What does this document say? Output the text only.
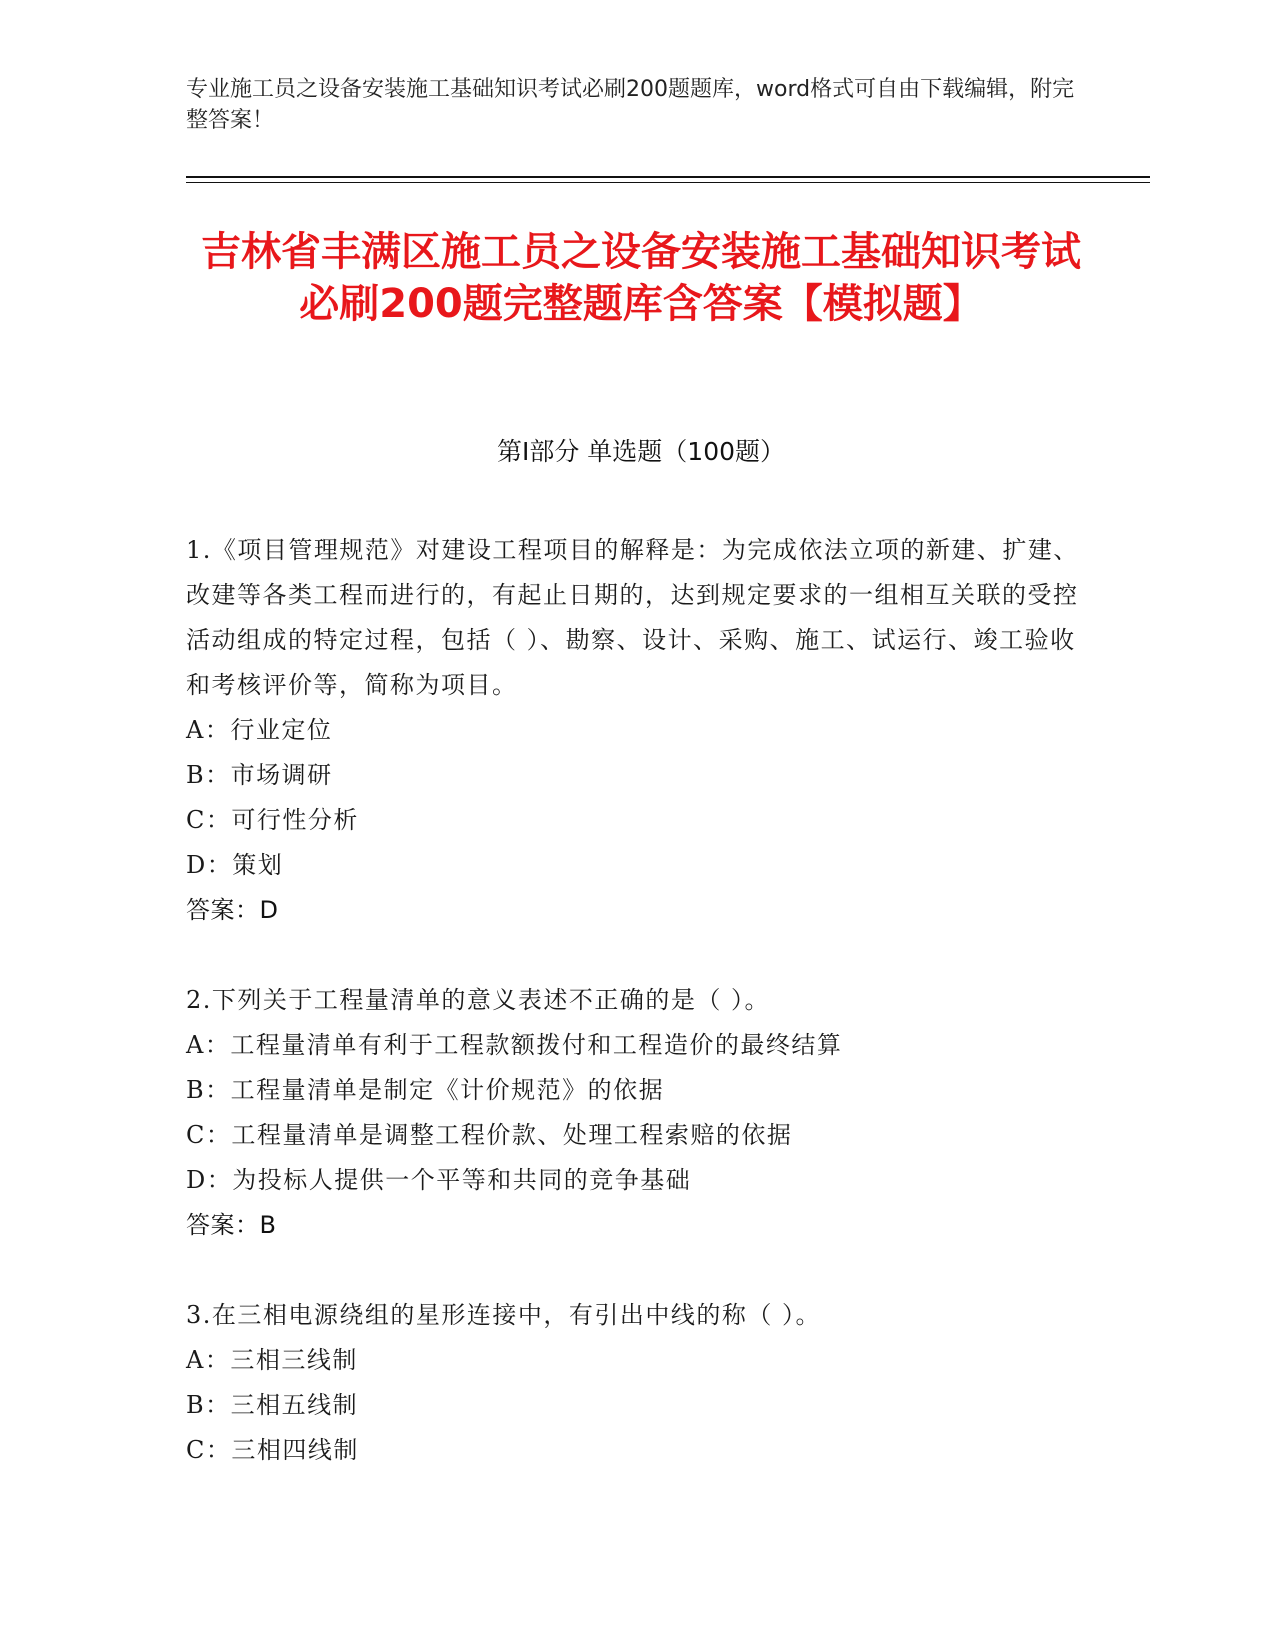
专业施工员之设备安装施工基础知识考试必刷200题题库，word格式可自由下载编辑，附完整答案！
吉林省丰满区施工员之设备安装施工基础知识考试必刷200题完整题库含答案【模拟题】
第Ⅰ部分 单选题（100题）

1.《项目管理规范》对建设工程项目的解释是：为完成依法立项的新建、扩建、改建等各类工程而进行的，有起止日期的，达到规定要求的一组相互关联的受控活动组成的特定过程，包括（ ）、勘察、设计、采购、施工、试运行、竣工验收和考核评价等，简称为项目。

A：行业定位

B：市场调研

C：可行性分析

D：策划

答案：D

2.下列关于工程量清单的意义表述不正确的是（ ）。

A：工程量清单有利于工程款额拨付和工程造价的最终结算

B：工程量清单是制定《计价规范》的依据

C：工程量清单是调整工程价款、处理工程索赔的依据

D：为投标人提供一个平等和共同的竞争基础

答案：B

3.在三相电源绕组的星形连接中，有引出中线的称（ ）。

A：三相三线制

B：三相五线制

C：三相四线制
